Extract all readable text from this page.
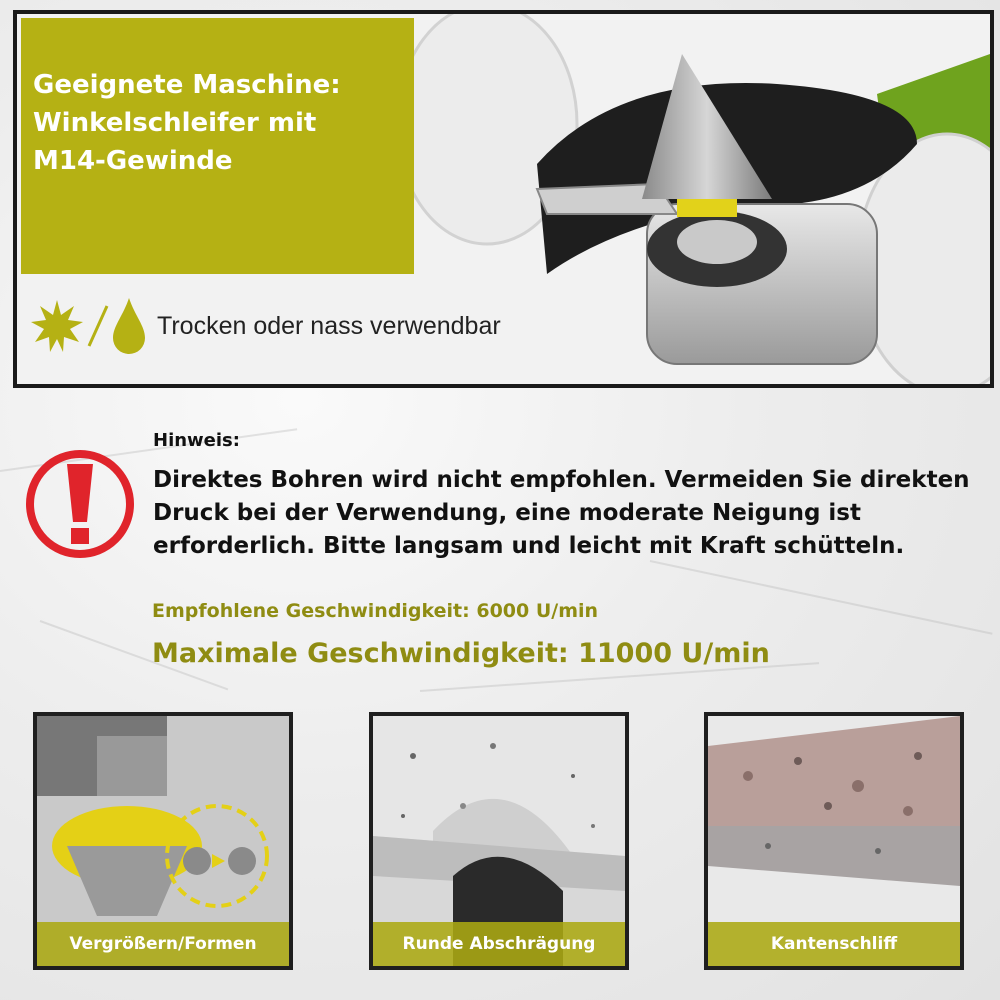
Geeignete Maschine:
Winkelschleifer mit
M14-Gewinde
Trocken oder nass verwendbar
Hinweis:
Direktes Bohren wird nicht empfohlen. Vermeiden Sie direkten Druck bei der Verwendung, eine moderate Neigung ist erforderlich. Bitte langsam und leicht mit Kraft schütteln.
Empfohlene Geschwindigkeit: 6000 U/min
Maximale Geschwindigkeit: 11000 U/min
Vergrößern/Formen	Runde Abschrägung	Kantenschliff
